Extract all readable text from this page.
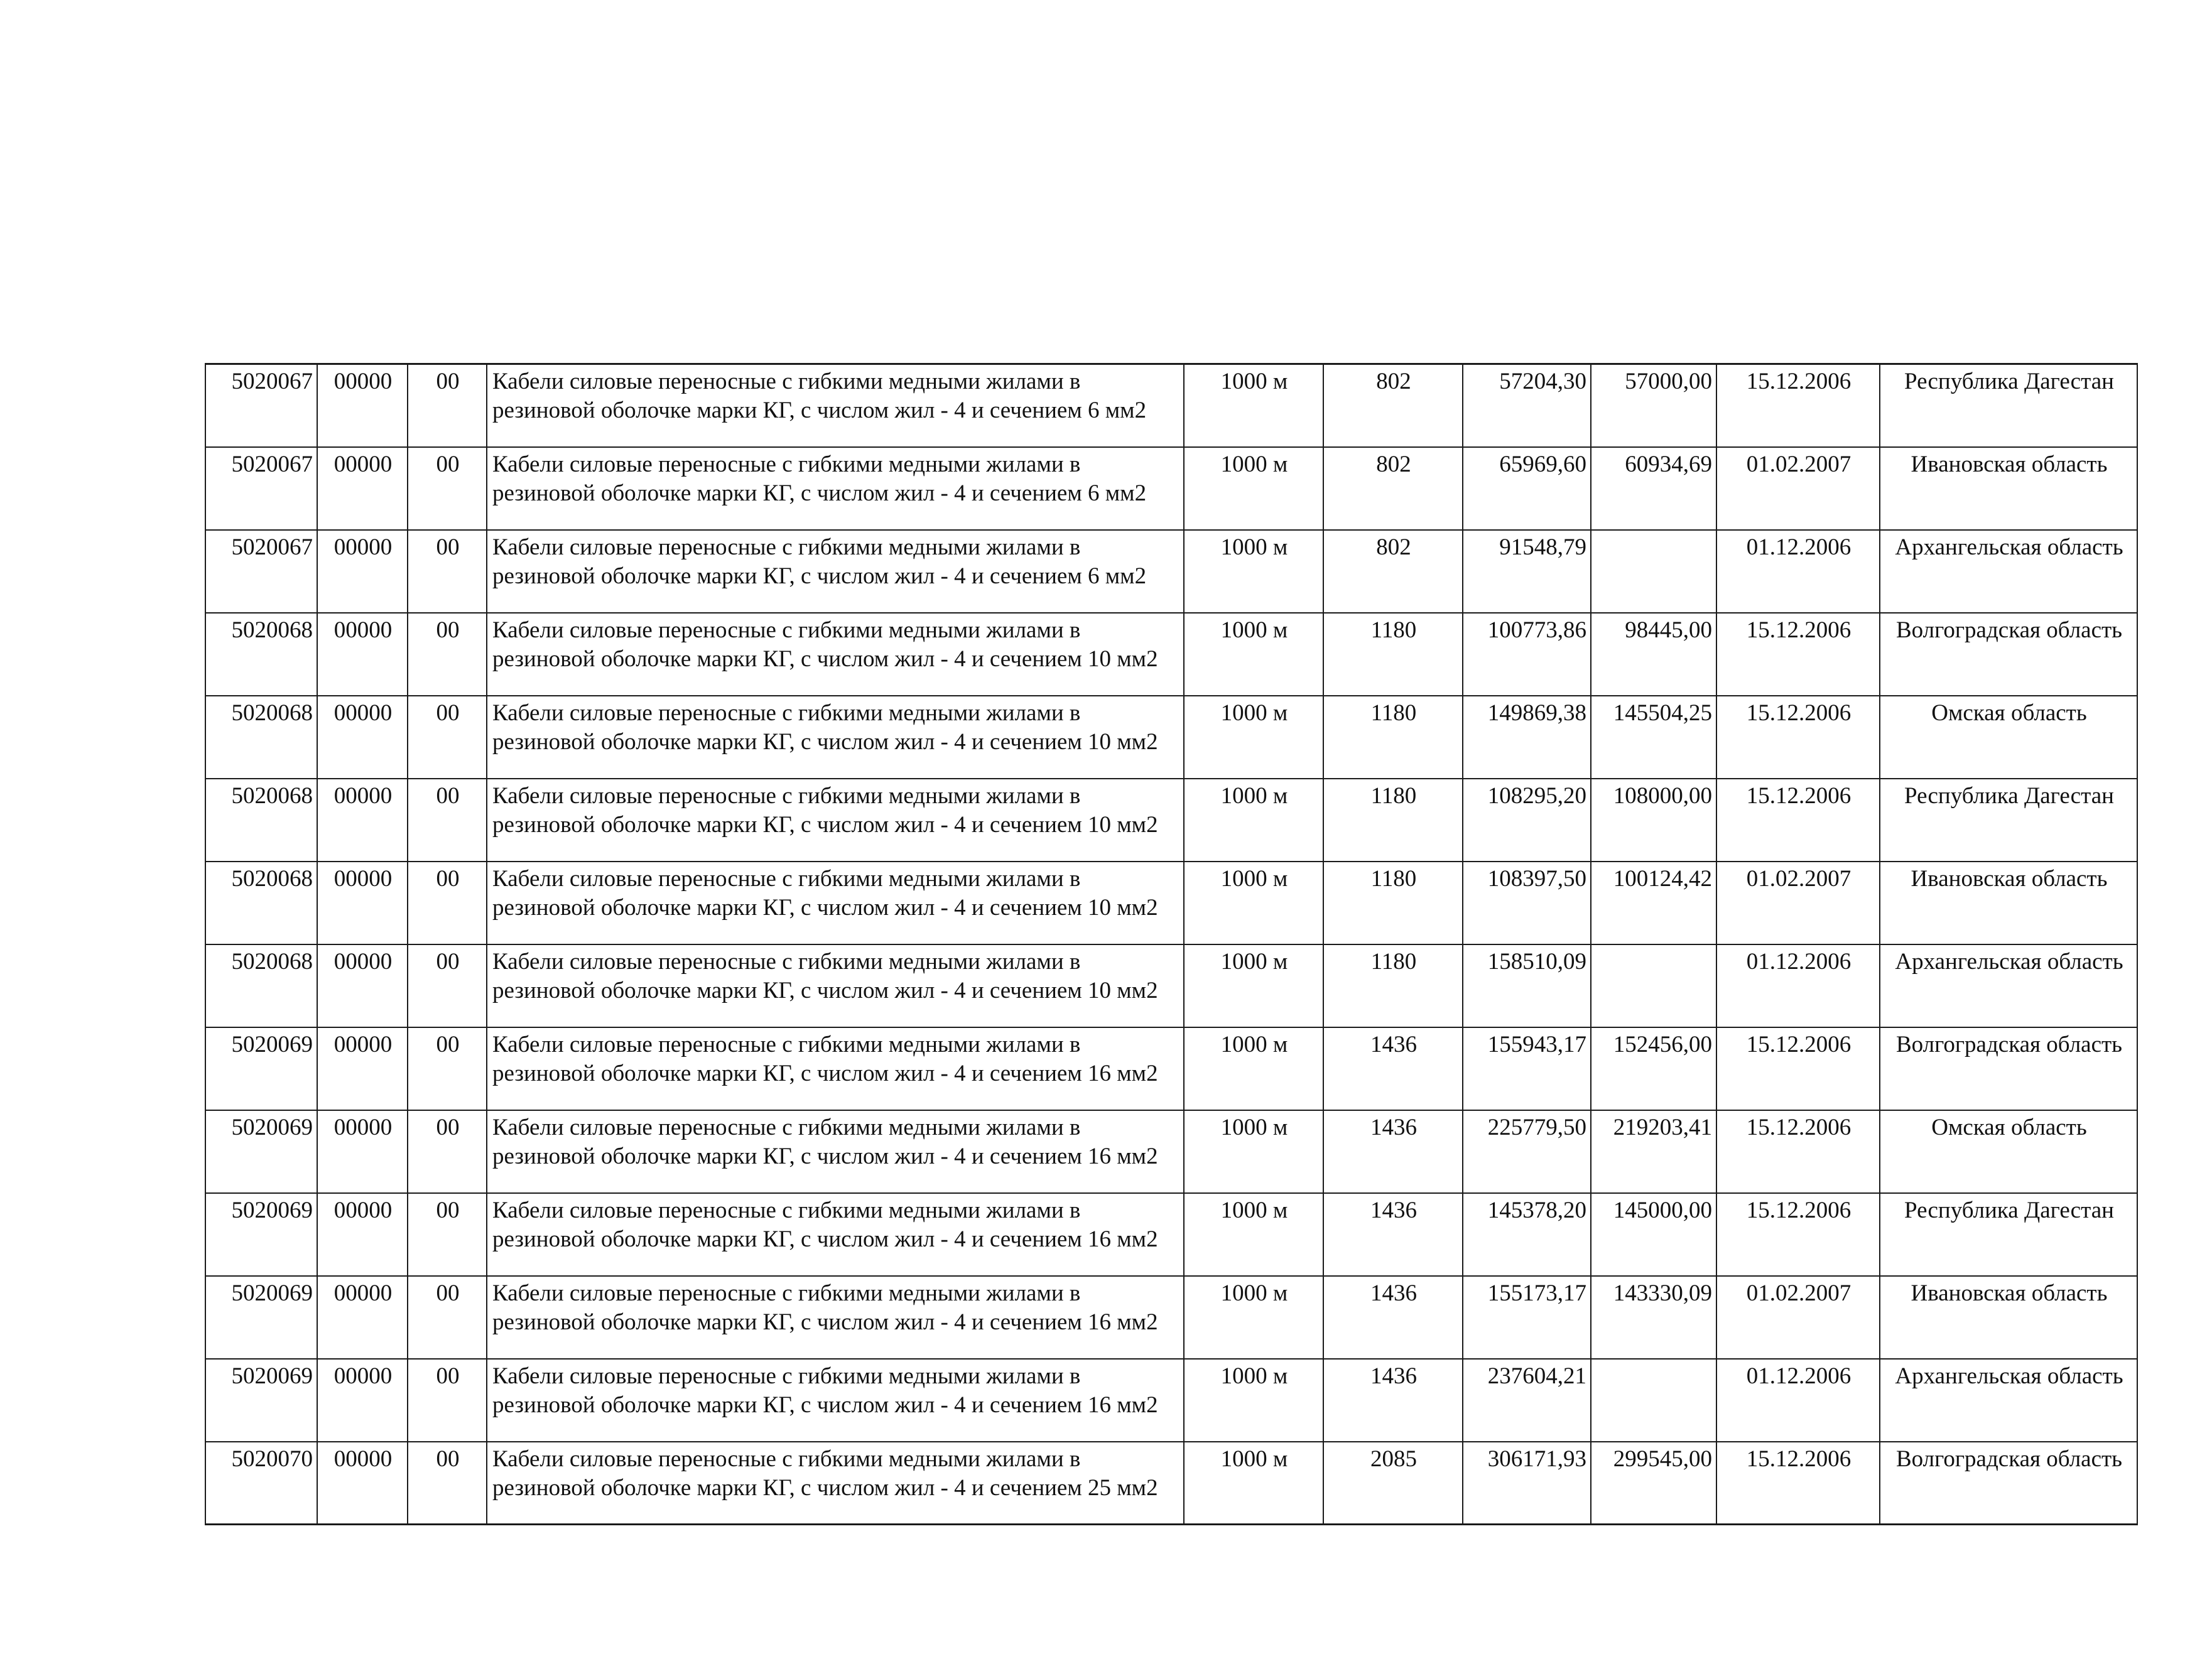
5020067	00000	00	Кабели силовые переносные с гибкими медными жилами в резиновой оболочке марки КГ, с числом жил - 4 и сечением 6 мм2	1000 м	802	57204,30	57000,00	15.12.2006	Республика Дагестан
5020067	00000	00	Кабели силовые переносные с гибкими медными жилами в резиновой оболочке марки КГ, с числом жил - 4 и сечением 6 мм2	1000 м	802	65969,60	60934,69	01.02.2007	Ивановская область
5020067	00000	00	Кабели силовые переносные с гибкими медными жилами в резиновой оболочке марки КГ, с числом жил - 4 и сечением 6 мм2	1000 м	802	91548,79		01.12.2006	Архангельская область
5020068	00000	00	Кабели силовые переносные с гибкими медными жилами в резиновой оболочке марки КГ, с числом жил - 4 и сечением 10 мм2	1000 м	1180	100773,86	98445,00	15.12.2006	Волгоградская область
5020068	00000	00	Кабели силовые переносные с гибкими медными жилами в резиновой оболочке марки КГ, с числом жил - 4 и сечением 10 мм2	1000 м	1180	149869,38	145504,25	15.12.2006	Омская область
5020068	00000	00	Кабели силовые переносные с гибкими медными жилами в резиновой оболочке марки КГ, с числом жил - 4 и сечением 10 мм2	1000 м	1180	108295,20	108000,00	15.12.2006	Республика Дагестан
5020068	00000	00	Кабели силовые переносные с гибкими медными жилами в резиновой оболочке марки КГ, с числом жил - 4 и сечением 10 мм2	1000 м	1180	108397,50	100124,42	01.02.2007	Ивановская область
5020068	00000	00	Кабели силовые переносные с гибкими медными жилами в резиновой оболочке марки КГ, с числом жил - 4 и сечением 10 мм2	1000 м	1180	158510,09		01.12.2006	Архангельская область
5020069	00000	00	Кабели силовые переносные с гибкими медными жилами в резиновой оболочке марки КГ, с числом жил - 4 и сечением 16 мм2	1000 м	1436	155943,17	152456,00	15.12.2006	Волгоградская область
5020069	00000	00	Кабели силовые переносные с гибкими медными жилами в резиновой оболочке марки КГ, с числом жил - 4 и сечением 16 мм2	1000 м	1436	225779,50	219203,41	15.12.2006	Омская область
5020069	00000	00	Кабели силовые переносные с гибкими медными жилами в резиновой оболочке марки КГ, с числом жил - 4 и сечением 16 мм2	1000 м	1436	145378,20	145000,00	15.12.2006	Республика Дагестан
5020069	00000	00	Кабели силовые переносные с гибкими медными жилами в резиновой оболочке марки КГ, с числом жил - 4 и сечением 16 мм2	1000 м	1436	155173,17	143330,09	01.02.2007	Ивановская область
5020069	00000	00	Кабели силовые переносные с гибкими медными жилами в резиновой оболочке марки КГ, с числом жил - 4 и сечением 16 мм2	1000 м	1436	237604,21		01.12.2006	Архангельская область
5020070	00000	00	Кабели силовые переносные с гибкими медными жилами в резиновой оболочке марки КГ, с числом жил - 4 и сечением 25 мм2	1000 м	2085	306171,93	299545,00	15.12.2006	Волгоградская область
